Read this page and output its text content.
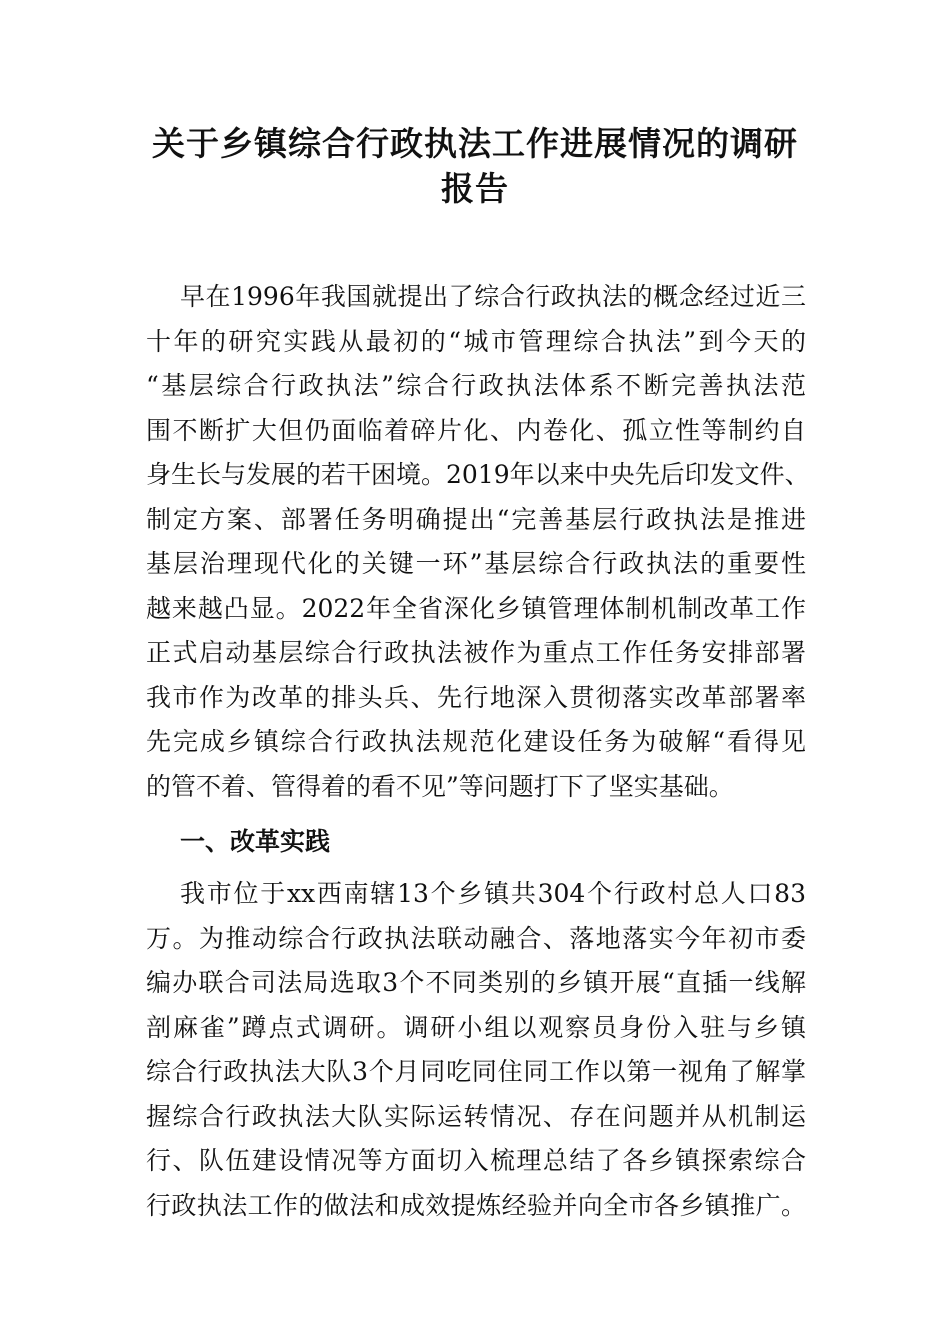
关于乡镇综合行政执法工作进展情况的调研
报告
早在1996年我国就提出了综合行政执法的概念经过近三
十年的研究实践从最初的“城市管理综合执法”到今天的
“基层综合行政执法”综合行政执法体系不断完善执法范
围不断扩大但仍面临着碎片化、内卷化、孤立性等制约自
身生长与发展的若干困境。2019年以来中央先后印发文件、
制定方案、部署任务明确提出“完善基层行政执法是推进
基层治理现代化的关键一环”基层综合行政执法的重要性
越来越凸显。2022年全省深化乡镇管理体制机制改革工作
正式启动基层综合行政执法被作为重点工作任务安排部署
我市作为改革的排头兵、先行地深入贯彻落实改革部署率
先完成乡镇综合行政执法规范化建设任务为破解“看得见
的管不着、管得着的看不见”等问题打下了坚实基础。
一、改革实践
我市位于xx西南辖13个乡镇共304个行政村总人口83
万。为推动综合行政执法联动融合、落地落实今年初市委
编办联合司法局选取3个不同类别的乡镇开展“直插一线解
剖麻雀”蹲点式调研。调研小组以观察员身份入驻与乡镇
综合行政执法大队3个月同吃同住同工作以第一视角了解掌
握综合行政执法大队实际运转情况、存在问题并从机制运
行、队伍建设情况等方面切入梳理总结了各乡镇探索综合
行政执法工作的做法和成效提炼经验并向全市各乡镇推广。
